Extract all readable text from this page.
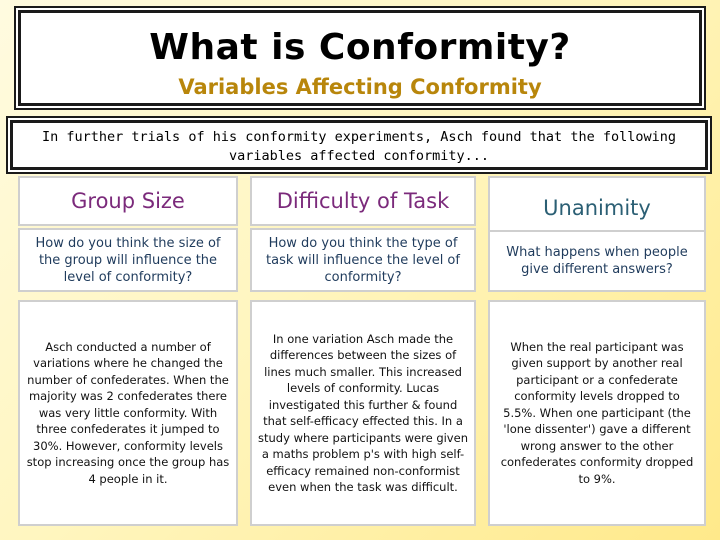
What is Conformity?
Variables Affecting Conformity
In further trials of his conformity experiments, Asch found that the following variables affected conformity...
Group Size	Difficulty of Task	Unanimity
How do you think the size of the group will influence the level of conformity?
How do you think the type of task will influence the level of conformity?
What happens when people give different answers?
Asch conducted a number of variations where he changed the number of confederates. When the majority was 2 confederates there was very little conformity. With three confederates it jumped to 30%. However, conformity levels stop increasing once the group has 4 people in it.
In one variation Asch made the differences between the sizes of lines much smaller. This increased levels of conformity. Lucas investigated this further & found that self-efficacy effected this. In a study where participants were given a maths problem p's with high self-efficacy remained non-conformist even when the task was difficult.
When the real participant was given support by another real participant or a confederate conformity levels dropped to 5.5%. When one participant (the 'lone dissenter') gave a different wrong answer to the other confederates conformity dropped to 9%.
